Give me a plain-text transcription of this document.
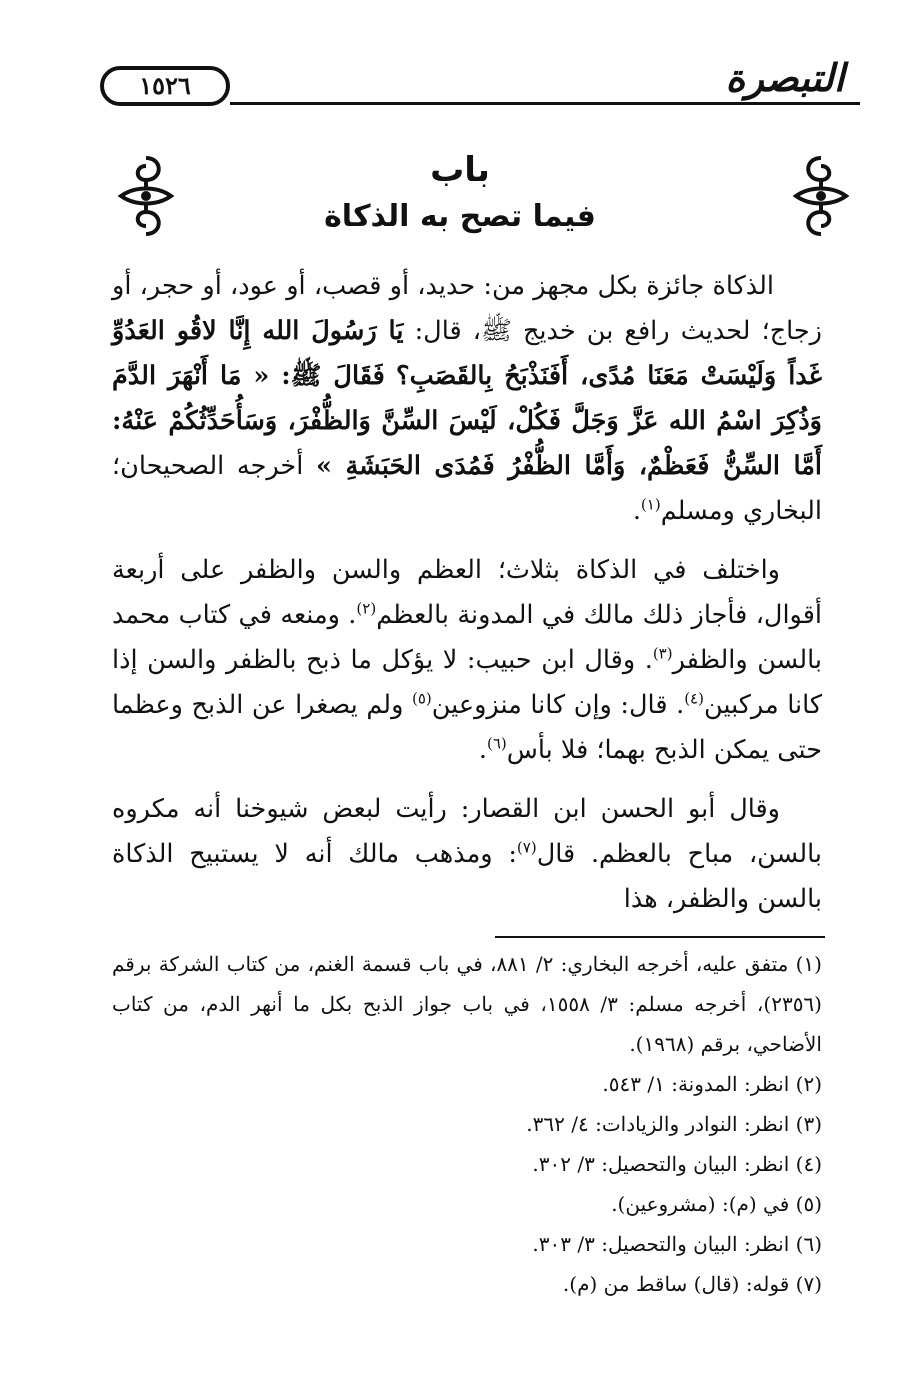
١٥٢٦	التبصرة
باب
فيما تصح به الذكاة

الذكاة جائزة بكل مجهز من: حديد، أو قصب، أو عود، أو حجر، أو زجاج؛ لحديث رافع بن خديج ﷺ، قال: يَا رَسُولَ الله إِنَّا لاقُو العَدُوِّ غَداً وَلَيْسَتْ مَعَنَا مُدًى، أَفَنَذْبَحُ بِالقَصَبِ؟ فَقَالَ ﷺ: « مَا أَنْهَرَ الدَّمَ وَذُكِرَ اسْمُ الله عَزَّ وَجَلَّ فَكُلْ، لَيْسَ السِّنَّ وَالظُّفْرَ، وَسَأُحَدِّثُكُمْ عَنْهُ: أَمَّا السِّنُّ فَعَظْمٌ، وَأَمَّا الظُّفْرُ فَمُدَى الحَبَشَةِ » أخرجه الصحيحان؛ البخاري ومسلم$^{(١)}$.

واختلف في الذكاة بثلاث؛ العظم والسن والظفر على أربعة أقوال، فأجاز ذلك مالك في المدونة بالعظم$^{(٢)}$. ومنعه في كتاب محمد بالسن والظفر$^{(٣)}$. وقال ابن حبيب: لا يؤكل ما ذبح بالظفر والسن إذا كانا مركبين$^{(٤)}$. قال: وإن كانا منزوعين$^{(٥)}$ ولم يصغرا عن الذبح وعظما حتى يمكن الذبح بهما؛ فلا بأس$^{(٦)}$.

وقال أبو الحسن ابن القصار: رأيت لبعض شيوخنا أنه مكروه بالسن، مباح بالعظم. قال$^{(٧)}$: ومذهب مالك أنه لا يستبيح الذكاة بالسن والظفر، هذا

(١) متفق عليه، أخرجه البخاري: ٢/ ٨٨١، في باب قسمة الغنم، من كتاب الشركة برقم (٢٣٥٦)، أخرجه مسلم: ٣/ ١٥٥٨، في باب جواز الذبح بكل ما أنهر الدم، من كتاب الأضاحي، برقم (١٩٦٨).

(٢) انظر: المدونة: ١/ ٥٤٣.

(٣) انظر: النوادر والزيادات: ٤/ ٣٦٢.

(٤) انظر: البيان والتحصيل: ٣/ ٣٠٢.

(٥) في (م): (مشروعين).

(٦) انظر: البيان والتحصيل: ٣/ ٣٠٣.

(٧) قوله: (قال) ساقط من (م).
